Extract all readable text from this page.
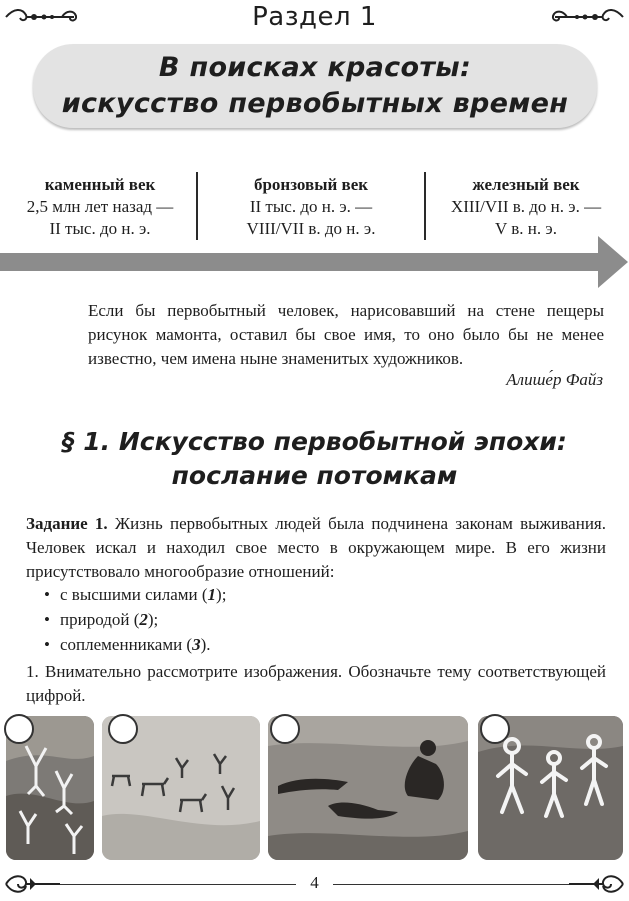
Раздел 1
В поисках красоты:
искусство первобытных времен
каменный век
2,5 млн лет назад —
II тыс. до н. э.
бронзовый век
II тыс. до н. э. —
VIII/VII в. до н. э.
железный век
XIII/VII в. до н. э. —
V в. н. э.
Если бы первобытный человек, нарисовавший на стене пещеры рисунок мамонта, оставил бы свое имя, то оно было бы не менее известно, чем имена ныне знаменитых художников.
Алише́р Файз
§ 1. Искусство первобытной эпохи:
послание потомкам
Задание 1. Жизнь первобытных людей была подчинена законам выживания. Человек искал и находил свое место в окружающем мире. В его жизни присутствовало многообразие отношений:
• с высшими силами (1);
• природой (2);
• соплеменниками (3).
1. Внимательно рассмотрите изображения. Обозначьте тему соответствующей цифрой.
4
